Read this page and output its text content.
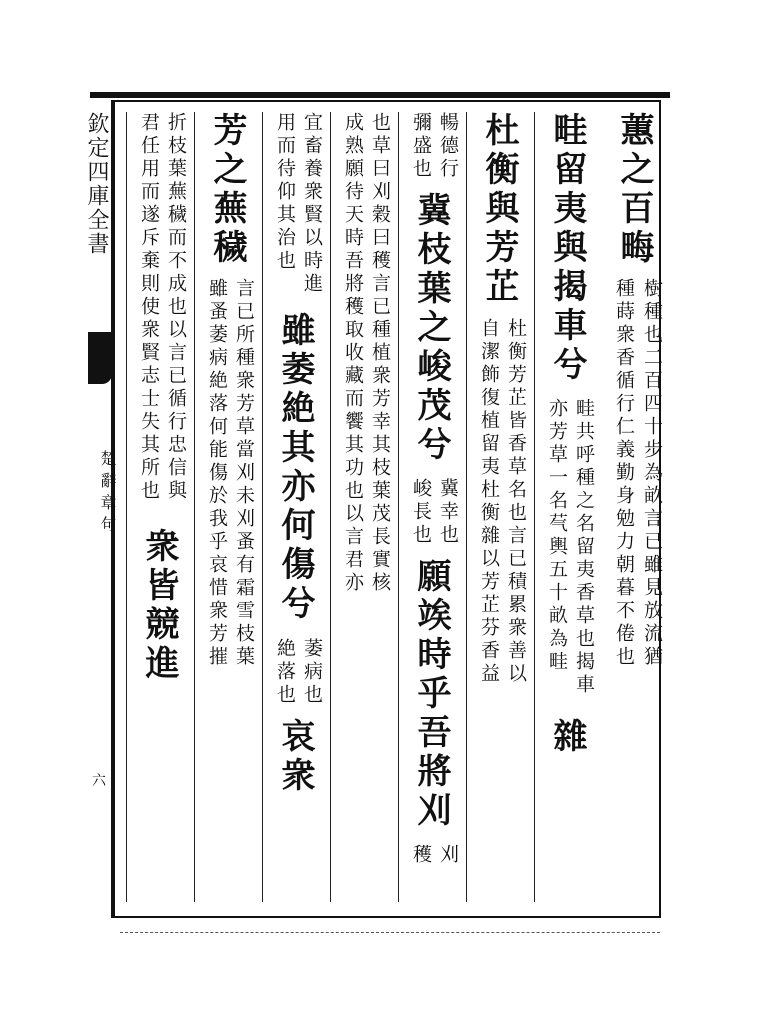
欽定四庫全書
楚辭章句
六
蕙之百畮
樹種也二百四十步為畝言已雖見放流猶
種蒔衆香循行仁義勤身勉力朝暮不倦也
畦留夷與揭車兮
畦共呼種之名留夷香草也揭車
亦芳草一名芞輿五十畝為畦
雜
杜衡與芳芷
杜衡芳芷皆香草名也言已積累衆善以
自潔飾復植留夷杜衡雜以芳芷芬香益
暢德行
彌盛也
冀枝葉之峻茂兮
冀幸也
峻長也
願竢時乎吾將刈
刈
穫
也草曰刈穀曰穫言已種植衆芳幸其枝葉茂長實核
成熟願待天時吾將穫取收藏而饗其功也以言君亦
宜畜養衆賢以時進
用而待仰其治也
雖萎絶其亦何傷兮
萎病也
絶落也
哀衆
芳之蕪穢
言已所種衆芳草當刈未刈蚤有霜雪枝葉
雖蚤萎病絶落何能傷於我乎哀惜衆芳摧
折枝葉蕪穢而不成也以言已循行忠信與
君任用而遂斥棄則使衆賢志士失其所也
衆皆競進
